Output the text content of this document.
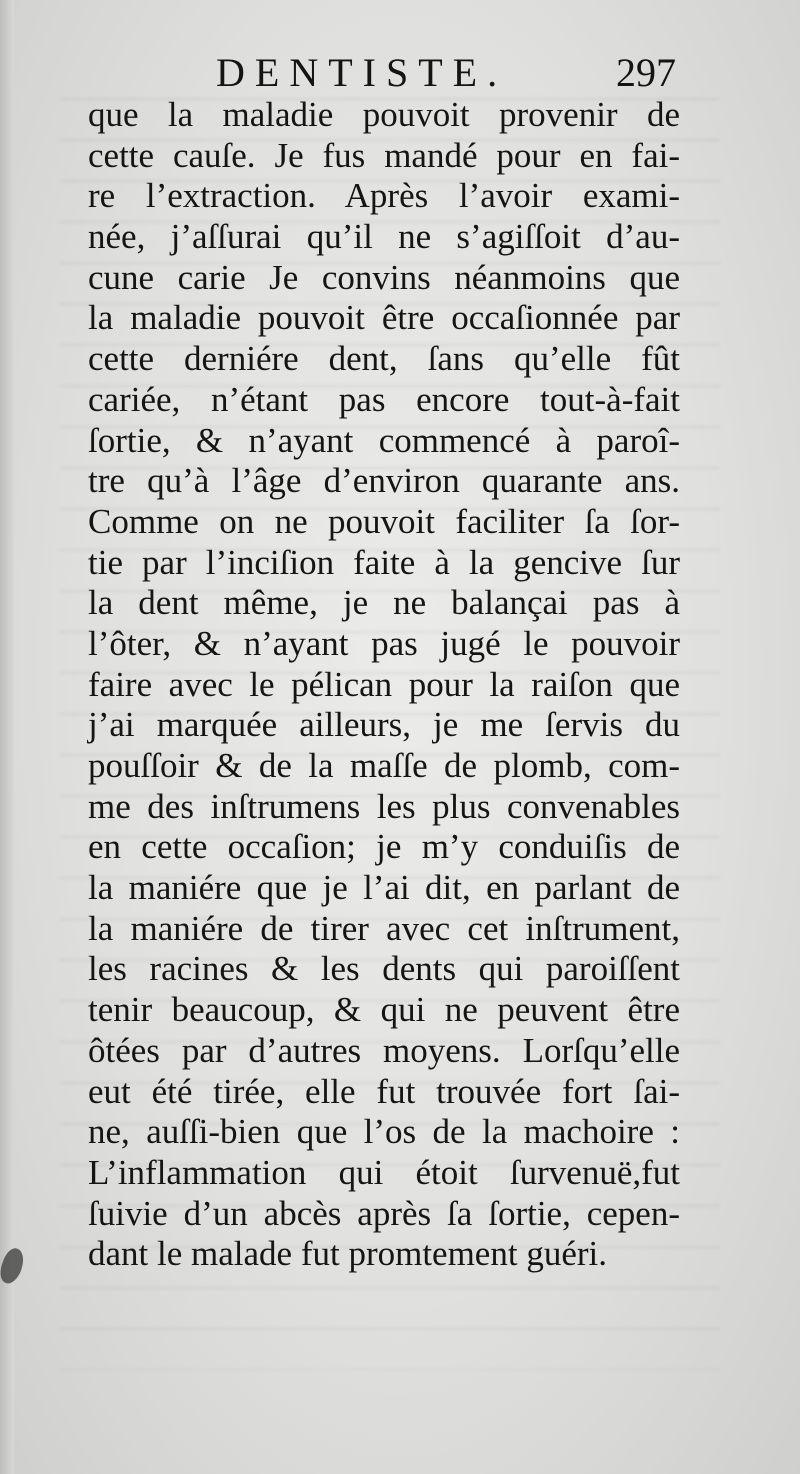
DENTISTE.	297
que la maladie pouvoit provenir de
cette cauſe. Je fus mandé pour en fai-
re l’extraction. Après l’avoir exami-
née, j’aſſurai qu’il ne s’agiſſoit d’au-
cune carie Je convins néanmoins que
la maladie pouvoit être occaſionnée par
cette derniére dent, ſans qu’elle fût
cariée, n’étant pas encore tout-à-fait
ſortie, & n’ayant commencé à paroî-
tre qu’à l’âge d’environ quarante ans.
Comme on ne pouvoit faciliter ſa ſor-
tie par l’inciſion faite à la gencive ſur
la dent même, je ne balançai pas à
l’ôter, & n’ayant pas jugé le pouvoir
faire avec le pélican pour la raiſon que
j’ai marquée ailleurs, je me ſervis du
pouſſoir & de la maſſe de plomb, com-
me des inſtrumens les plus convenables
en cette occaſion; je m’y conduiſis de
la maniére que je l’ai dit, en parlant de
la maniére de tirer avec cet inſtrument,
les racines & les dents qui paroiſſent
tenir beaucoup, & qui ne peuvent être
ôtées par d’autres moyens. Lorſqu’elle
eut été tirée, elle fut trouvée fort ſai-
ne, auſſi-bien que l’os de la machoire :
L’inflammation qui étoit ſurvenuë,fut
ſuivie d’un abcès après ſa ſortie, cepen-
dant le malade fut promtement guéri.
